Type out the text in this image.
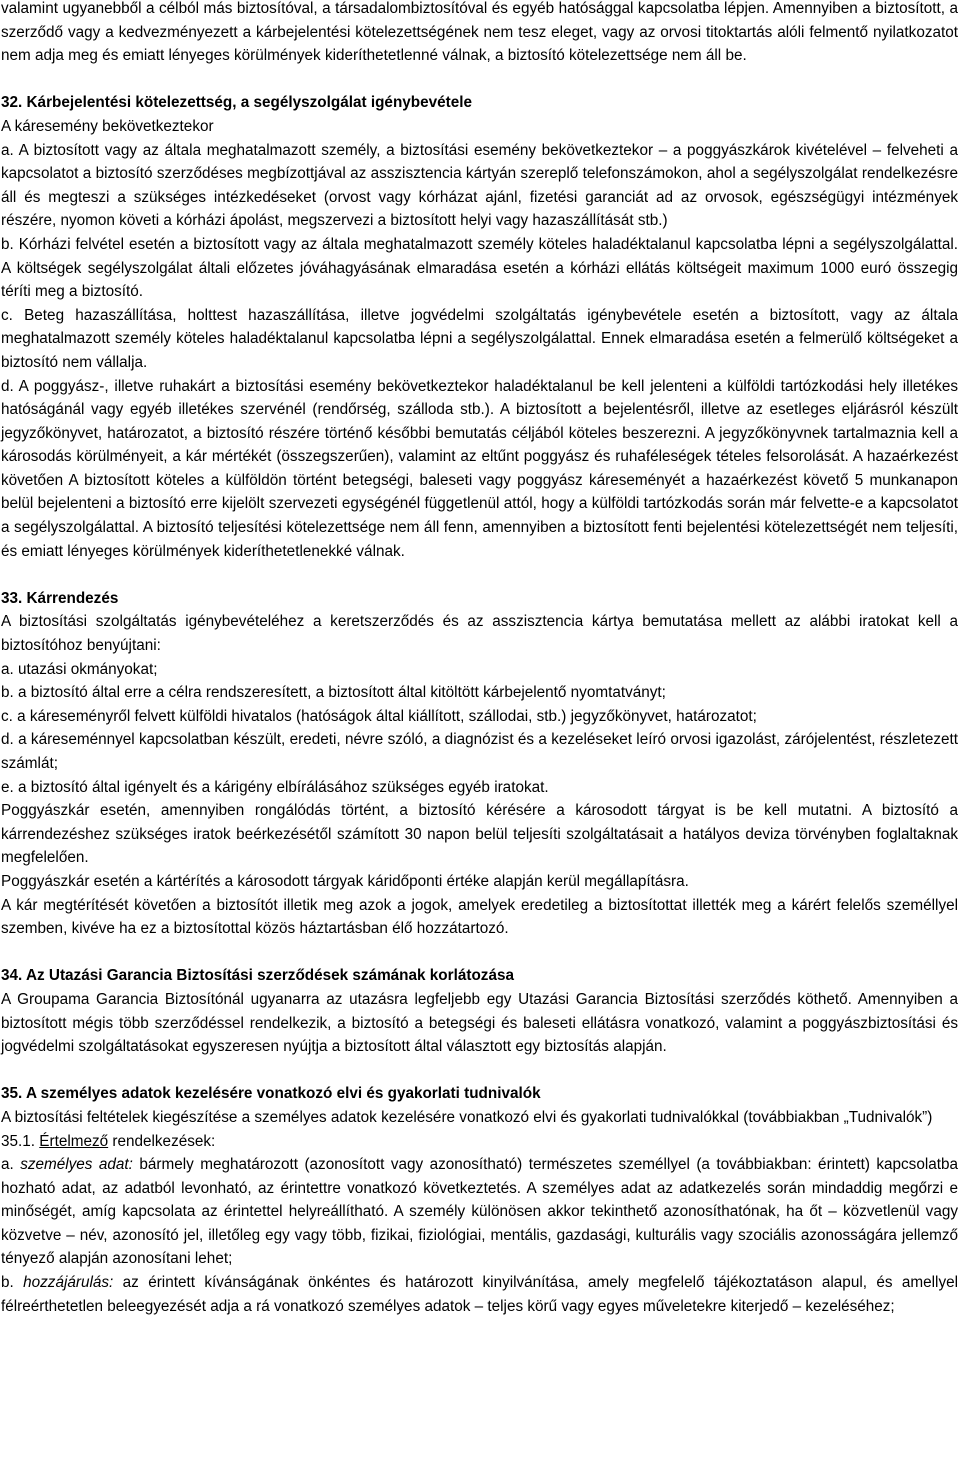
valamint ugyanebből a célból más biztosítóval, a társadalombiztosítóval és egyéb hatósággal kapcsolatba lépjen. Amennyiben a biztosított, a szerződő vagy a kedvezményezett a kárbejelentési kötelezettségének nem tesz eleget, vagy az orvosi titoktartás alóli felmentő nyilatkozatot nem adja meg és emiatt lényeges körülmények kideríthetetlenné válnak, a biztosító kötelezettsége nem áll be.

32. Kárbejelentési kötelezettség, a segélyszolgálat igénybevétele

A káresemény bekövetkeztekor

a. A biztosított vagy az általa meghatalmazott személy, a biztosítási esemény bekövetkeztekor – a poggyászkárok kivételével – felveheti a kapcsolatot a biztosító szerződéses megbízottjával az asszisztencia kártyán szereplő telefonszámokon, ahol a segélyszolgálat rendelkezésre áll és megteszi a szükséges intézkedéseket (orvost vagy kórházat ajánl, fizetési garanciát ad az orvosok, egészségügyi intézmények részére, nyomon követi a kórházi ápolást, megszervezi a biztosított helyi vagy hazaszállítását stb.)

b. Kórházi felvétel esetén a biztosított vagy az általa meghatalmazott személy köteles haladéktalanul kapcsolatba lépni a segélyszolgálattal. A költségek segélyszolgálat általi előzetes jóváhagyásának elmaradása esetén a kórházi ellátás költségeit maximum 1000 euró összegig téríti meg a biztosító.

c. Beteg hazaszállítása, holttest hazaszállítása, illetve jogvédelmi szolgáltatás igénybevétele esetén a biztosított, vagy az általa meghatalmazott személy köteles haladéktalanul kapcsolatba lépni a segélyszolgálattal. Ennek elmaradása esetén a felmerülő költségeket a biztosító nem vállalja.

d. A poggyász-, illetve ruhakárt a biztosítási esemény bekövetkeztekor haladéktalanul be kell jelenteni a külföldi tartózkodási hely illetékes hatóságánál vagy egyéb illetékes szervénél (rendőrség, szálloda stb.). A biztosított a bejelentésről, illetve az esetleges eljárásról készült jegyzőkönyvet, határozatot, a biztosító részére történő későbbi bemutatás céljából köteles beszerezni. A jegyzőkönyvnek tartalmaznia kell a károsodás körülményeit, a kár mértékét (összegszerűen), valamint az eltűnt poggyász és ruhaféleségek tételes felsorolását. A hazaérkezést követően A biztosított köteles a külföldön történt betegségi, baleseti vagy poggyász káreseményét a hazaérkezést követő 5 munkanapon belül bejelenteni a biztosító erre kijelölt szervezeti egységénél függetlenül attól, hogy a külföldi tartózkodás során már felvette-e a kapcsolatot a segélyszolgálattal. A biztosító teljesítési kötelezettsége nem áll fenn, amennyiben a biztosított fenti bejelentési kötelezettségét nem teljesíti, és emiatt lényeges körülmények kideríthetetlenekké válnak.

33. Kárrendezés

A biztosítási szolgáltatás igénybevételéhez a keretszerződés és az asszisztencia kártya bemutatása mellett az alábbi iratokat kell a biztosítóhoz benyújtani:

a. utazási okmányokat;

b. a biztosító által erre a célra rendszeresített, a biztosított által kitöltött kárbejelentő nyomtatványt;

c. a káreseményről felvett külföldi hivatalos (hatóságok által kiállított, szállodai, stb.) jegyzőkönyvet, határozatot;

d. a káreseménnyel kapcsolatban készült, eredeti, névre szóló, a diagnózist és a kezeléseket leíró orvosi igazolást, zárójelentést, részletezett számlát;

e. a biztosító által igényelt és a kárigény elbírálásához szükséges egyéb iratokat.

Poggyászkár esetén, amennyiben rongálódás történt, a biztosító kérésére a károsodott tárgyat is be kell mutatni. A biztosító a kárrendezéshez szükséges iratok beérkezésétől számított 30 napon belül teljesíti szolgáltatásait a hatályos deviza törvényben foglaltaknak megfelelően.

Poggyászkár esetén a kártérítés a károsodott tárgyak káridőponti értéke alapján kerül megállapításra.

A kár megtérítését követően a biztosítót illetik meg azok a jogok, amelyek eredetileg a biztosítottat illették meg a kárért felelős személlyel szemben, kivéve ha ez a biztosítottal közös háztartásban élő hozzátartozó.

34. Az Utazási Garancia Biztosítási szerződések számának korlátozása

A Groupama Garancia Biztosítónál ugyanarra az utazásra legfeljebb egy Utazási Garancia Biztosítási szerződés köthető. Amennyiben a biztosított mégis több szerződéssel rendelkezik, a biztosító a betegségi és baleseti ellátásra vonatkozó, valamint a poggyászbiztosítási és jogvédelmi szolgáltatásokat egyszeresen nyújtja a biztosított által választott egy biztosítás alapján.

35. A személyes adatok kezelésére vonatkozó elvi és gyakorlati tudnivalók

A biztosítási feltételek kiegészítése a személyes adatok kezelésére vonatkozó elvi és gyakorlati tudnivalókkal (továbbiakban „Tudnivalók”)

35.1. Értelmező rendelkezések:

a. személyes adat: bármely meghatározott (azonosított vagy azonosítható) természetes személlyel (a továbbiakban: érintett) kapcsolatba hozható adat, az adatból levonható, az érintettre vonatkozó következtetés. A személyes adat az adatkezelés során mindaddig megőrzi e minőségét, amíg kapcsolata az érintettel helyreállítható. A személy különösen akkor tekinthető azonosíthatónak, ha őt – közvetlenül vagy közvetve – név, azonosító jel, illetőleg egy vagy több, fizikai, fiziológiai, mentális, gazdasági, kulturális vagy szociális azonosságára jellemző tényező alapján azonosítani lehet;

b. hozzájárulás: az érintett kívánságának önkéntes és határozott kinyilvánítása, amely megfelelő tájékoztatáson alapul, és amellyel félreérthetetlen beleegyezését adja a rá vonatkozó személyes adatok – teljes körű vagy egyes műveletekre kiterjedő – kezeléséhez;
